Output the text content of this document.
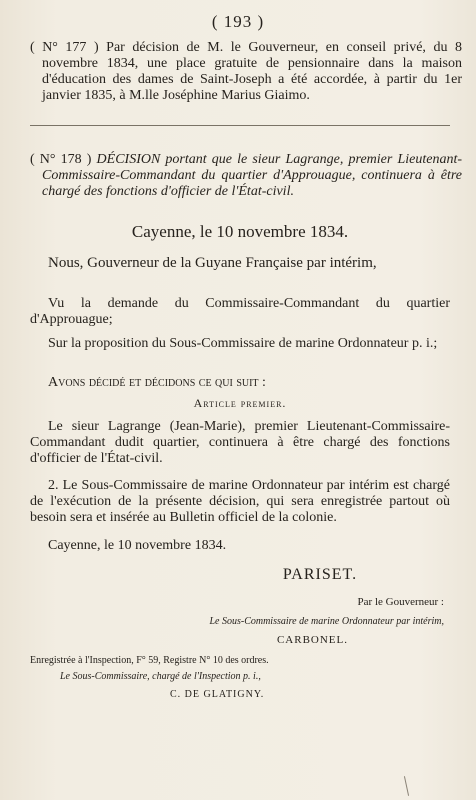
( 193 )

( N° 177 ) Par décision de M. le Gouverneur, en conseil privé, du 8 novembre 1834, une place gratuite de pensionnaire dans la maison d'éducation des dames de Saint-Joseph a été accordée, à partir du 1er janvier 1835, à M.lle Joséphine Marius Giaimo.

( N° 178 ) DÉCISION portant que le sieur Lagrange, premier Lieutenant-Commissaire-Commandant du quartier d'Approuague, continuera à être chargé des fonctions d'officier de l'État-civil.

Cayenne, le 10 novembre 1834.

Nous, Gouverneur de la Guyane Française par intérim,

Vu la demande du Commissaire-Commandant du quartier d'Approuague;

Sur la proposition du Sous-Commissaire de marine Ordonnateur p. i.;

Avons décidé et décidons ce qui suit :

Article premier.

Le sieur Lagrange (Jean-Marie), premier Lieutenant-Commissaire-Commandant dudit quartier, continuera à être chargé des fonctions d'officier de l'État-civil.

2. Le Sous-Commissaire de marine Ordonnateur par intérim est chargé de l'exécution de la présente décision, qui sera enregistrée partout où besoin sera et insérée au Bulletin officiel de la colonie.

Cayenne, le 10 novembre 1834.

PARISET.

Par le Gouverneur :

Le Sous-Commissaire de marine Ordonnateur par intérim,

CARBONEL.

Enregistrée à l'Inspection, F° 59, Registre N° 10 des ordres.

Le Sous-Commissaire, chargé de l'Inspection p. i.,

C. DE GLATIGNY.
